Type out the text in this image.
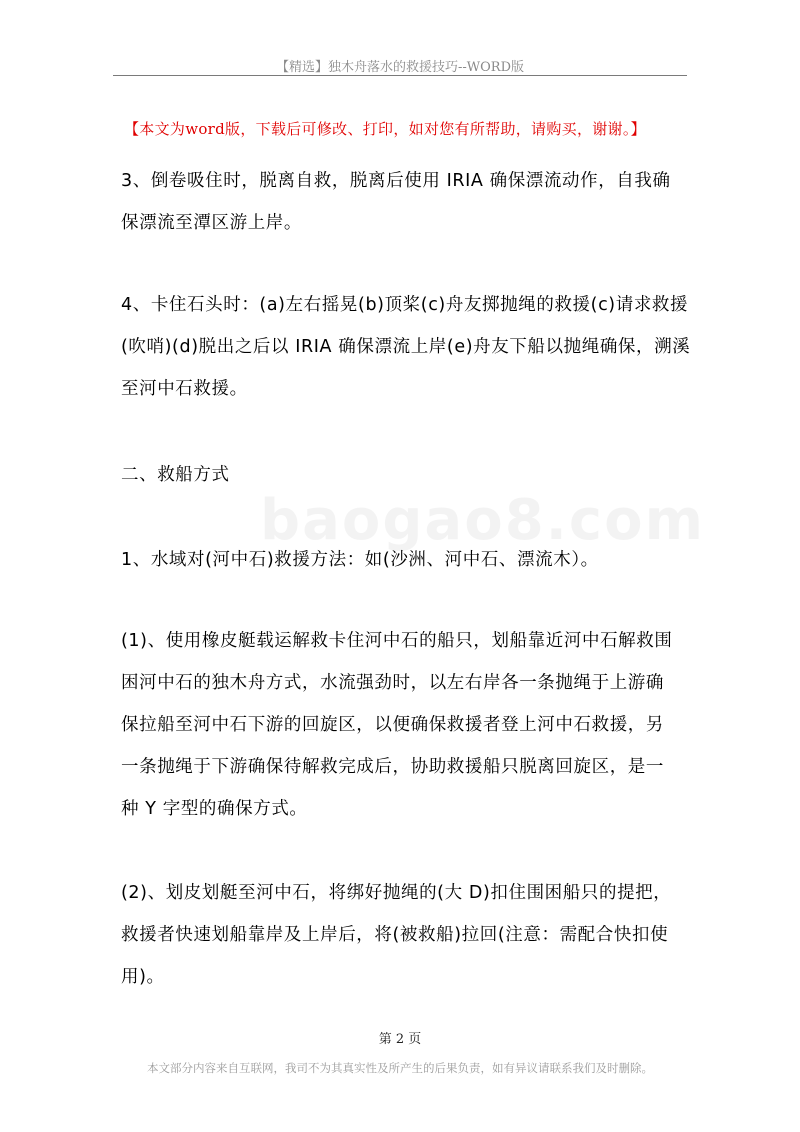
【精选】独木舟落水的救援技巧--WORD版
【本文为word版，下载后可修改、打印，如对您有所帮助，请购买，谢谢。】
3、倒卷吸住时，脱离自救，脱离后使用 IRIA 确保漂流动作，自我确
保漂流至潭区游上岸。
4、卡住石头时：(a)左右摇晃(b)顶桨(c)舟友掷抛绳的救援(c)请求救援
(吹哨)(d)脱出之后以 IRIA 确保漂流上岸(e)舟友下船以抛绳确保，溯溪
至河中石救援。
二、救船方式
1、水域对(河中石)救援方法：如(沙洲、河中石、漂流木）。
(1)、使用橡皮艇载运解救卡住河中石的船只，划船靠近河中石解救围
困河中石的独木舟方式，水流强劲时，以左右岸各一条抛绳于上游确
保拉船至河中石下游的回旋区，以便确保救援者登上河中石救援，另
一条抛绳于下游确保待解救完成后，协助救援船只脱离回旋区，是一
种 Y 字型的确保方式。
(2)、划皮划艇至河中石，将绑好抛绳的(大 D)扣住围困船只的提把，
救援者快速划船靠岸及上岸后，将(被救船)拉回(注意：需配合快扣使
用)。
第 2 页
本文部分内容来自互联网，我司不为其真实性及所产生的后果负责，如有异议请联系我们及时删除。
